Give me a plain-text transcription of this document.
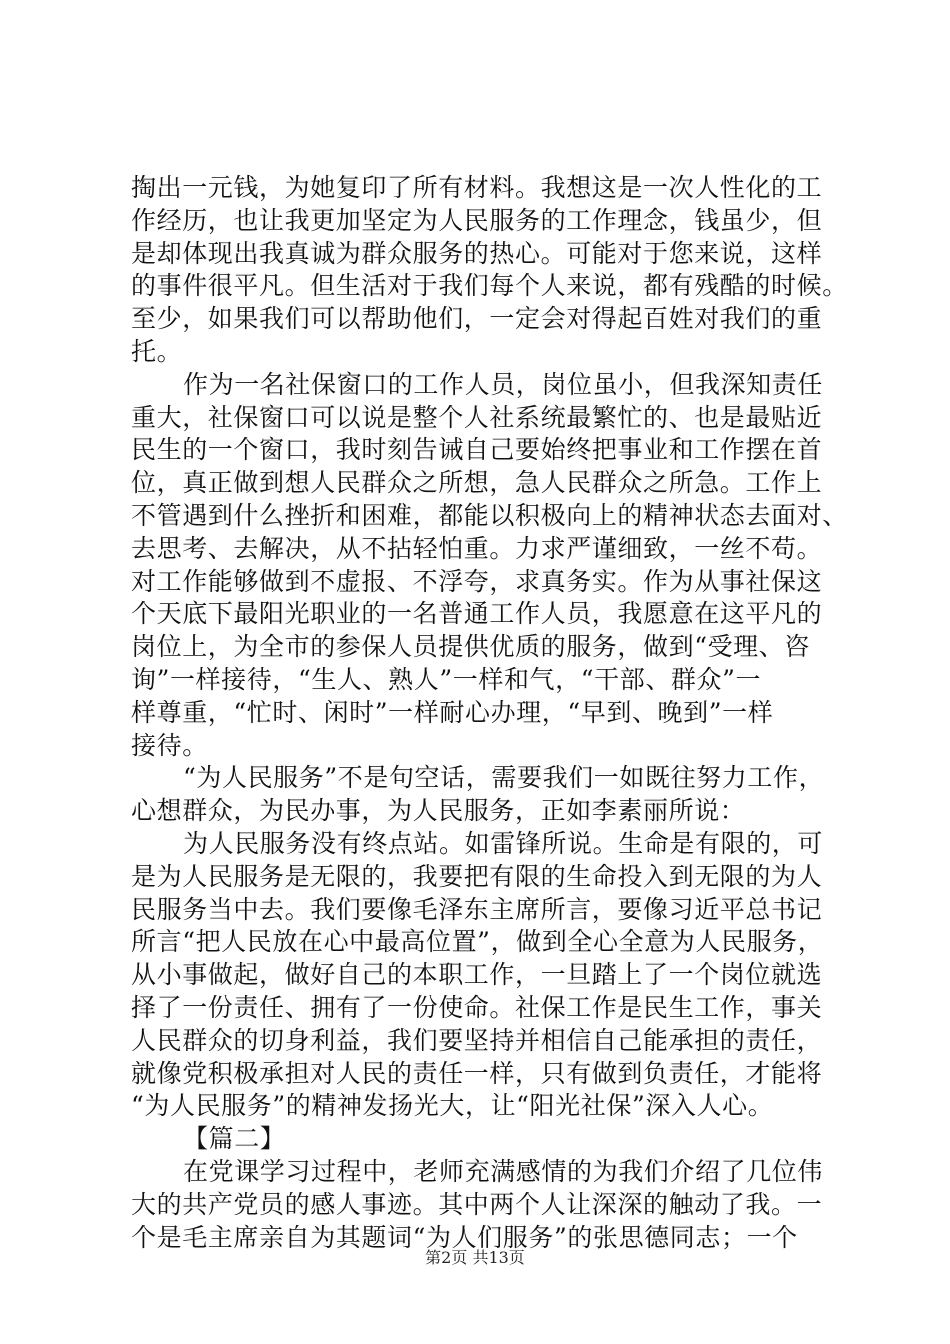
掏出一元钱，为她复印了所有材料。我想这是一次人性化的工
作经历，也让我更加坚定为人民服务的工作理念，钱虽少，但
是却体现出我真诚为群众服务的热心。可能对于您来说，这样
的事件很平凡。但生活对于我们每个人来说，都有残酷的时候。
至少，如果我们可以帮助他们，一定会对得起百姓对我们的重
托。
作为一名社保窗口的工作人员，岗位虽小，但我深知责任
重大，社保窗口可以说是整个人社系统最繁忙的、也是最贴近
民生的一个窗口，我时刻告诫自己要始终把事业和工作摆在首
位，真正做到想人民群众之所想，急人民群众之所急。工作上
不管遇到什么挫折和困难，都能以积极向上的精神状态去面对、
去思考、去解决，从不拈轻怕重。力求严谨细致，一丝不苟。
对工作能够做到不虚报、不浮夸，求真务实。作为从事社保这
个天底下最阳光职业的一名普通工作人员，我愿意在这平凡的
岗位上，为全市的参保人员提供优质的服务，做到“受理、咨
询”一样接待，“生人、熟人”一样和气，“干部、群众”一
样尊重，“忙时、闲时”一样耐心办理，“早到、晚到”一样
接待。
“为人民服务”不是句空话，需要我们一如既往努力工作，
心想群众，为民办事，为人民服务，正如李素丽所说：
为人民服务没有终点站。如雷锋所说。生命是有限的，可
是为人民服务是无限的，我要把有限的生命投入到无限的为人
民服务当中去。我们要像毛泽东主席所言，要像习近平总书记
所言“把人民放在心中最高位置”，做到全心全意为人民服务，
从小事做起，做好自己的本职工作，一旦踏上了一个岗位就选
择了一份责任、拥有了一份使命。社保工作是民生工作，事关
人民群众的切身利益，我们要坚持并相信自己能承担的责任，
就像党积极承担对人民的责任一样，只有做到负责任，才能将
“为人民服务”的精神发扬光大，让“阳光社保”深入人心。
【篇二】
在党课学习过程中，老师充满感情的为我们介绍了几位伟
大的共产党员的感人事迹。其中两个人让深深的触动了我。一
个是毛主席亲自为其题词“为人们服务”的张思德同志；一个
第2页 共13页
